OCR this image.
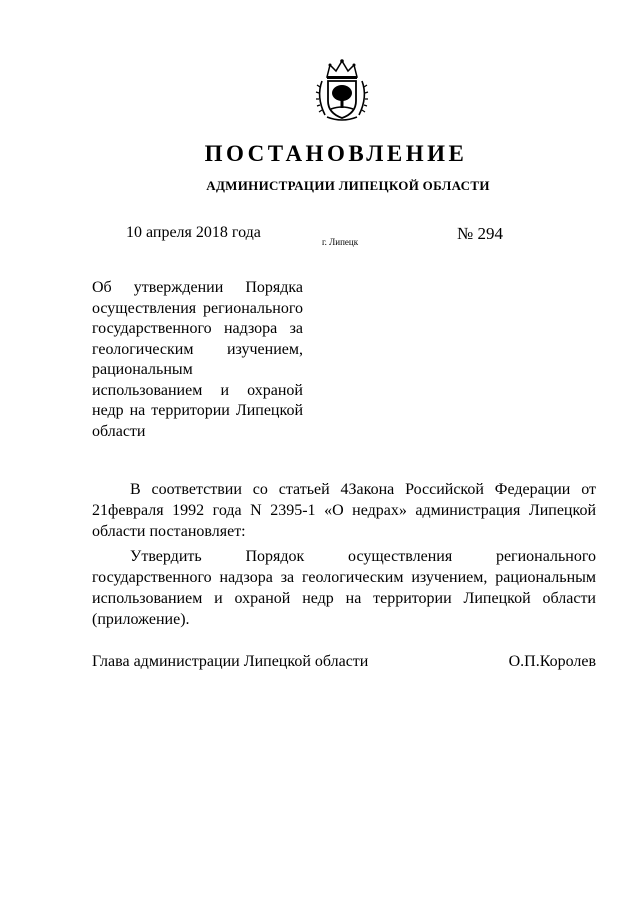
ПОСТАНОВЛЕНИЕ
АДМИНИСТРАЦИИ ЛИПЕЦКОЙ ОБЛАСТИ
10 апреля 2018 года
г. Липецк	№ 294
Об утверждении Порядка осуществления регионального государственного надзора за геологическим изучением, рациональным использованием и охраной недр на территории Липецкой области

В соответствии со статьей 4Закона Российской Федерации от 21февраля 1992 года N 2395-1 «О недрах» администрация Липецкой области постановляет:

Утвердить Порядок осуществления регионального государственного надзора за геологическим изучением, рациональным использованием и охраной недр на территории Липецкой области (приложение).

Глава администрации Липецкой области	О.П.Королев
